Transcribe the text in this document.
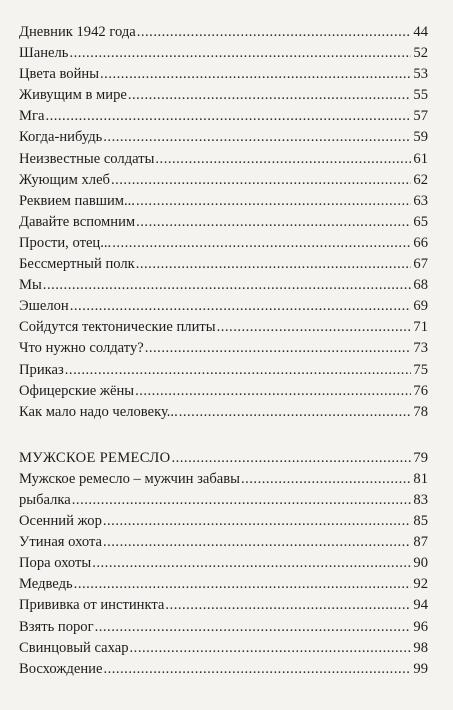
Дневник 1942 года .....	44
Шанель .....	52
Цвета войны .....	53
Живущим в мире .....	55
Мга .....	57
Когда-нибудь .....	59
Неизвестные солдаты .....	61
Жующим хлеб .....	62
Реквием павшим... .....	63
Давайте вспомним .....	65
Прости, отец... .....	66
Бессмертный полк .....	67
Мы .....	68
Эшелон .....	69
Сойдутся тектонические плиты .....	71
Что нужно солдату? .....	73
Приказ .....	75
Офицерские жёны .....	76
Как мало надо человеку... .....	78
МУЖСКОЕ РЕМЕСЛО .....	79
Мужское ремесло – мужчин забавы .....	81
рыбалка .....	83
Осенний жор .....	85
Утиная охота .....	87
Пора охоты .....	90
Медведь .....	92
Прививка от инстинкта .....	94
Взять порог .....	96
Свинцовый сахар .....	98
Восхождение .....	99
